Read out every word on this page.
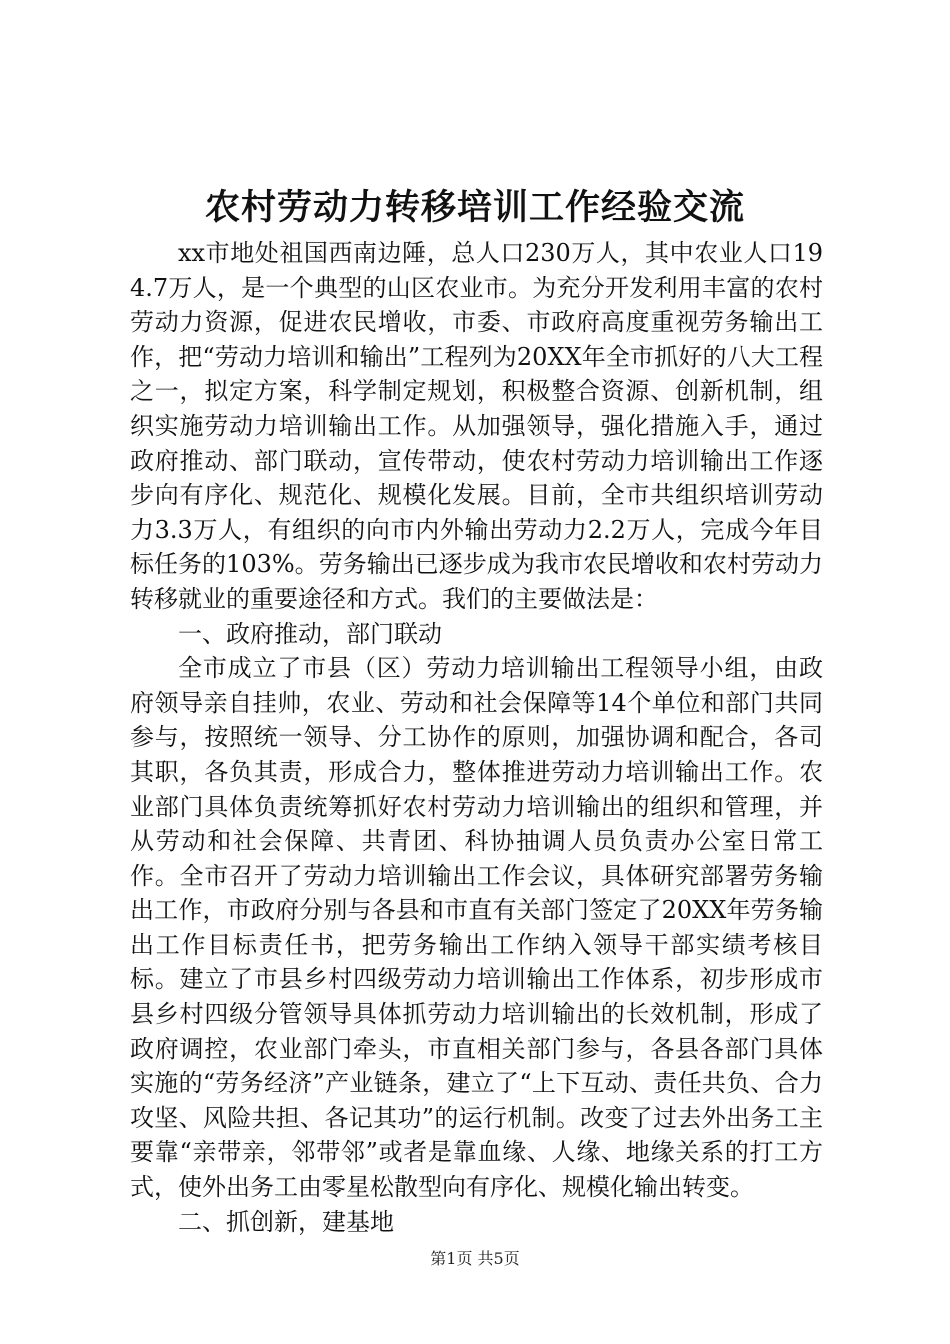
农村劳动力转移培训工作经验交流

xx市地处祖国西南边陲，总人口230万人，其中农业人口194.7万人，是一个典型的山区农业市。为充分开发利用丰富的农村劳动力资源，促进农民增收，市委、市政府高度重视劳务输出工作，把“劳动力培训和输出”工程列为20XX年全市抓好的八大工程之一，拟定方案，科学制定规划，积极整合资源、创新机制，组织实施劳动力培训输出工作。从加强领导，强化措施入手，通过政府推动、部门联动，宣传带动，使农村劳动力培训输出工作逐步向有序化、规范化、规模化发展。目前，全市共组织培训劳动力3.3万人，有组织的向市内外输出劳动力2.2万人，完成今年目标任务的103%。劳务输出已逐步成为我市农民增收和农村劳动力转移就业的重要途径和方式。我们的主要做法是：

一、政府推动，部门联动

全市成立了市县（区）劳动力培训输出工程领导小组，由政府领导亲自挂帅，农业、劳动和社会保障等14个单位和部门共同参与，按照统一领导、分工协作的原则，加强协调和配合，各司其职，各负其责，形成合力，整体推进劳动力培训输出工作。农业部门具体负责统筹抓好农村劳动力培训输出的组织和管理，并从劳动和社会保障、共青团、科协抽调人员负责办公室日常工作。全市召开了劳动力培训输出工作会议，具体研究部署劳务输出工作，市政府分别与各县和市直有关部门签定了20XX年劳务输出工作目标责任书，把劳务输出工作纳入领导干部实绩考核目标。建立了市县乡村四级劳动力培训输出工作体系，初步形成市县乡村四级分管领导具体抓劳动力培训输出的长效机制，形成了政府调控，农业部门牵头，市直相关部门参与，各县各部门具体实施的“劳务经济”产业链条，建立了“上下互动、责任共负、合力攻坚、风险共担、各记其功”的运行机制。改变了过去外出务工主要靠“亲带亲，邻带邻”或者是靠血缘、人缘、地缘关系的打工方式，使外出务工由零星松散型向有序化、规模化输出转变。

二、抓创新，建基地

第1页 共5页
